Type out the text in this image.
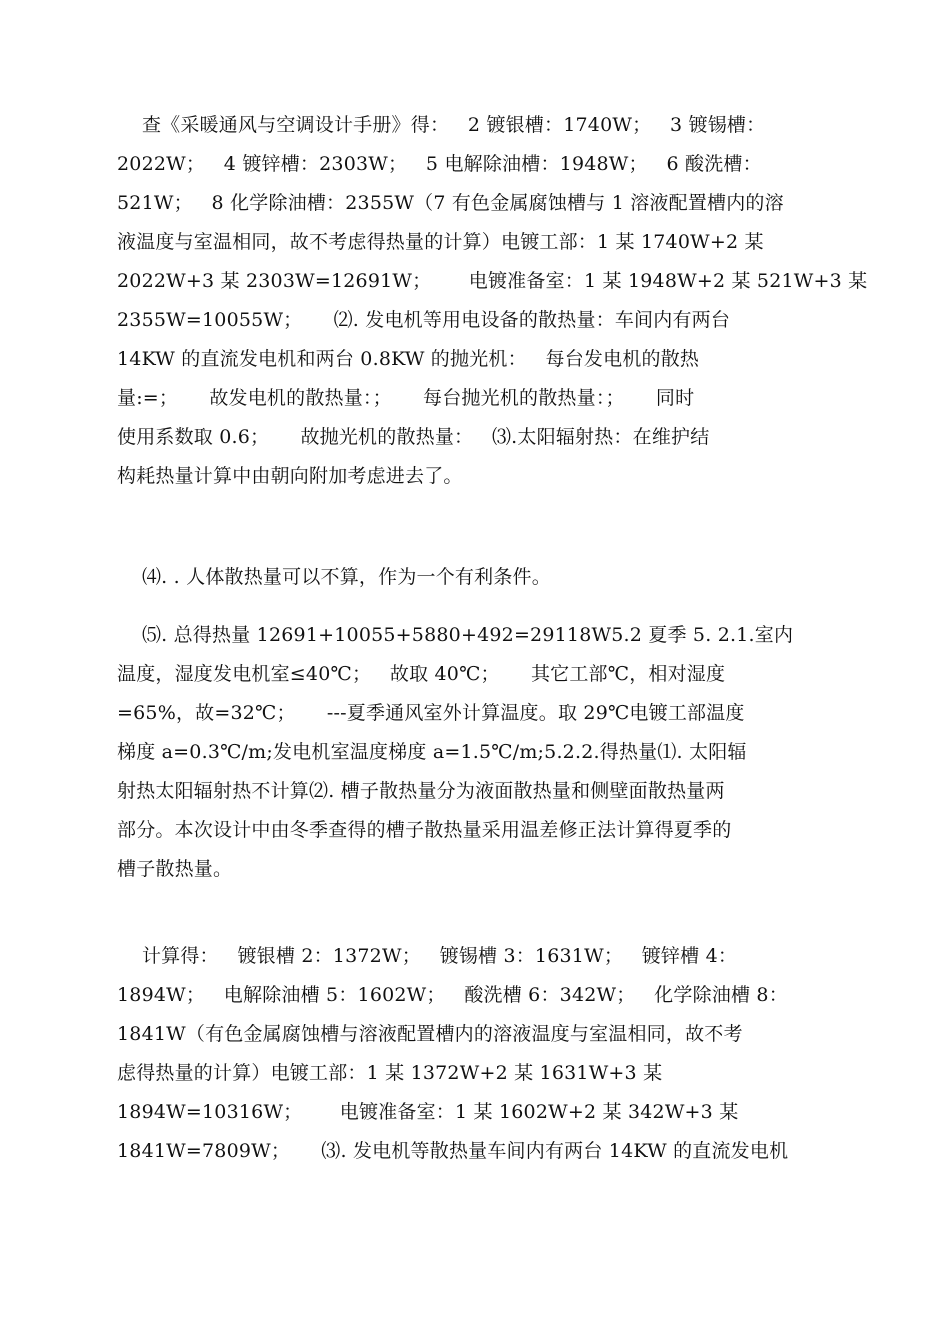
查《采暖通风与空调设计手册》得：   2 镀银槽：1740W；   3 镀锡槽：
2022W；   4 镀锌槽：2303W；   5 电解除油槽：1948W；   6 酸洗槽：
521W；   8 化学除油槽：2355W（7 有色金属腐蚀槽与 1 溶液配置槽内的溶
液温度与室温相同，故不考虑得热量的计算）电镀工部：1 某 1740W+2 某
2022W+3 某 2303W=12691W；      电镀准备室：1 某 1948W+2 某 521W+3 某
2355W=10055W；     ⑵. 发电机等用电设备的散热量：车间内有两台
14KW 的直流发电机和两台 0.8KW 的抛光机：   每台发电机的散热
量:=；     故发电机的散热量：；     每台抛光机的散热量：；     同时
使用系数取 0.6；     故抛光机的散热量：   ⑶.太阳辐射热：在维护结
构耗热量计算中由朝向附加考虑进去了。
⑷. . 人体散热量可以不算，作为一个有利条件。
⑸. 总得热量 12691+10055+5880+492=29118W5.2 夏季 5. 2.1.室内
温度，湿度发电机室≤40℃；   故取 40℃；     其它工部℃，相对湿度
=65%，故=32℃；     ---夏季通风室外计算温度。取 29℃电镀工部温度
梯度 a=0.3℃/m;发电机室温度梯度 a=1.5℃/m;5.2.2.得热量⑴. 太阳辐
射热太阳辐射热不计算⑵. 槽子散热量分为液面散热量和侧壁面散热量两
部分。本次设计中由冬季查得的槽子散热量采用温差修正法计算得夏季的
槽子散热量。
计算得：   镀银槽 2：1372W；   镀锡槽 3：1631W；   镀锌槽 4：
1894W；   电解除油槽 5：1602W；   酸洗槽 6：342W；   化学除油槽 8：
1841W（有色金属腐蚀槽与溶液配置槽内的溶液温度与室温相同，故不考
虑得热量的计算）电镀工部：1 某 1372W+2 某 1631W+3 某
1894W=10316W；      电镀准备室：1 某 1602W+2 某 342W+3 某
1841W=7809W；     ⑶. 发电机等散热量车间内有两台 14KW 的直流发电机
